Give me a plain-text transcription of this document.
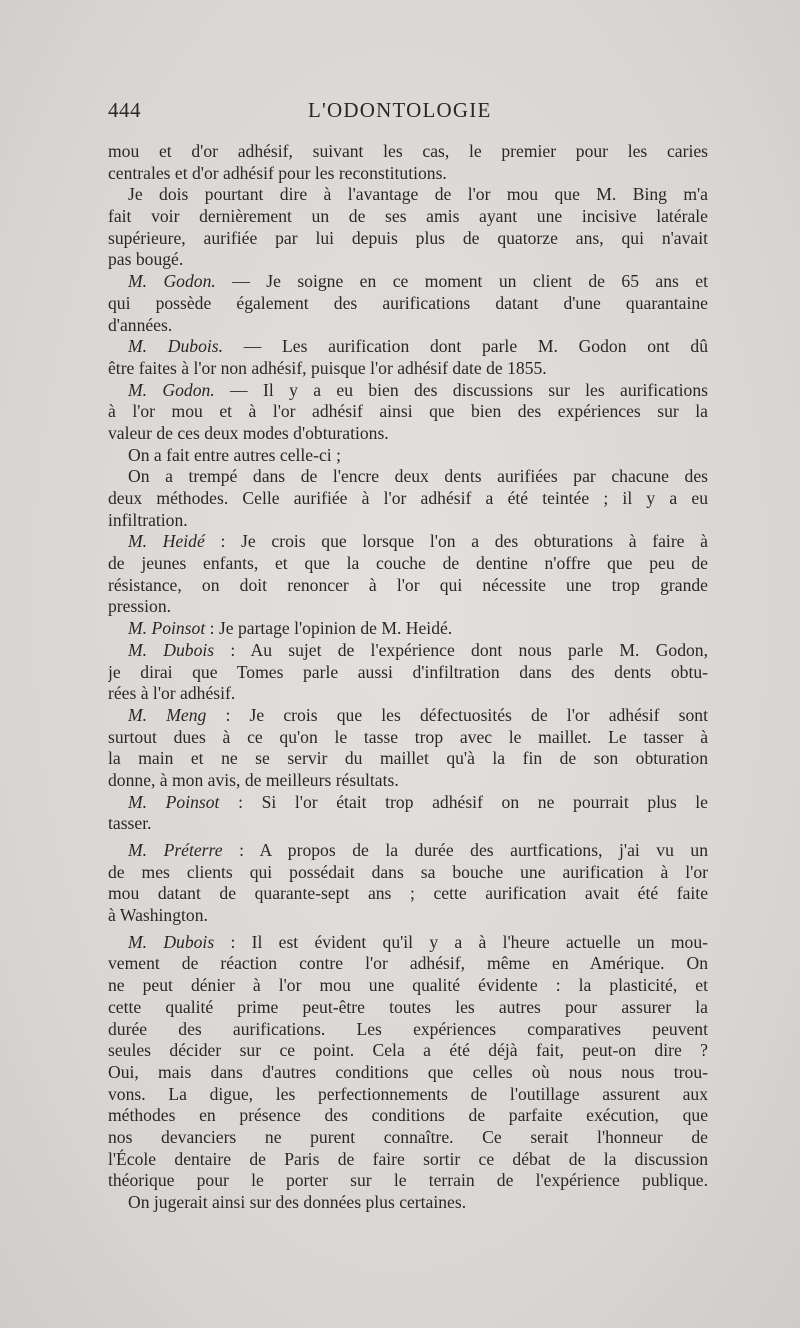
444	L'ODONTOLOGIE
mou et d'or adhésif, suivant les cas, le premier pour les caries
centrales et d'or adhésif pour les reconstitutions.
Je dois pourtant dire à l'avantage de l'or mou que M. Bing m'a
fait voir dernièrement un de ses amis ayant une incisive latérale
supérieure, aurifiée par lui depuis plus de quatorze ans, qui n'avait
pas bougé.
M. Godon. — Je soigne en ce moment un client de 65 ans et
qui possède également des aurifications datant d'une quarantaine
d'années.
M. Dubois. — Les aurification dont parle M. Godon ont dû
être faites à l'or non adhésif, puisque l'or adhésif date de 1855.
M. Godon. — Il y a eu bien des discussions sur les aurifications
à l'or mou et à l'or adhésif ainsi que bien des expériences sur la
valeur de ces deux modes d'obturations.
On a fait entre autres celle-ci ;
On a trempé dans de l'encre deux dents aurifiées par chacune des
deux méthodes. Celle aurifiée à l'or adhésif a été teintée ; il y a eu
infiltration.
M. Heidé : Je crois que lorsque l'on a des obturations à faire à
de jeunes enfants, et que la couche de dentine n'offre que peu de
résistance, on doit renoncer à l'or qui nécessite une trop grande
pression.
M. Poinsot : Je partage l'opinion de M. Heidé.
M. Dubois : Au sujet de l'expérience dont nous parle M. Godon,
je dirai que Tomes parle aussi d'infiltration dans des dents obtu-
rées à l'or adhésif.
M. Meng : Je crois que les défectuosités de l'or adhésif sont
surtout dues à ce qu'on le tasse trop avec le maillet. Le tasser à
la main et ne se servir du maillet qu'à la fin de son obturation
donne, à mon avis, de meilleurs résultats.
M. Poinsot : Si l'or était trop adhésif on ne pourrait plus le
tasser.
M. Préterre : A propos de la durée des aurtfications, j'ai vu un
de mes clients qui possédait dans sa bouche une aurification à l'or
mou datant de quarante-sept ans ; cette aurification avait été faite
à Washington.
M. Dubois : Il est évident qu'il y a à l'heure actuelle un mou-
vement de réaction contre l'or adhésif, même en Amérique. On
ne peut dénier à l'or mou une qualité évidente : la plasticité, et
cette qualité prime peut-être toutes les autres pour assurer la
durée des aurifications. Les expériences comparatives peuvent
seules décider sur ce point. Cela a été déjà fait, peut-on dire ?
Oui, mais dans d'autres conditions que celles où nous nous trou-
vons. La digue, les perfectionnements de l'outillage assurent aux
méthodes en présence des conditions de parfaite exécution, que
nos devanciers ne purent connaître. Ce serait l'honneur de
l'École dentaire de Paris de faire sortir ce débat de la discussion
théorique pour le porter sur le terrain de l'expérience publique.
On jugerait ainsi sur des données plus certaines.
